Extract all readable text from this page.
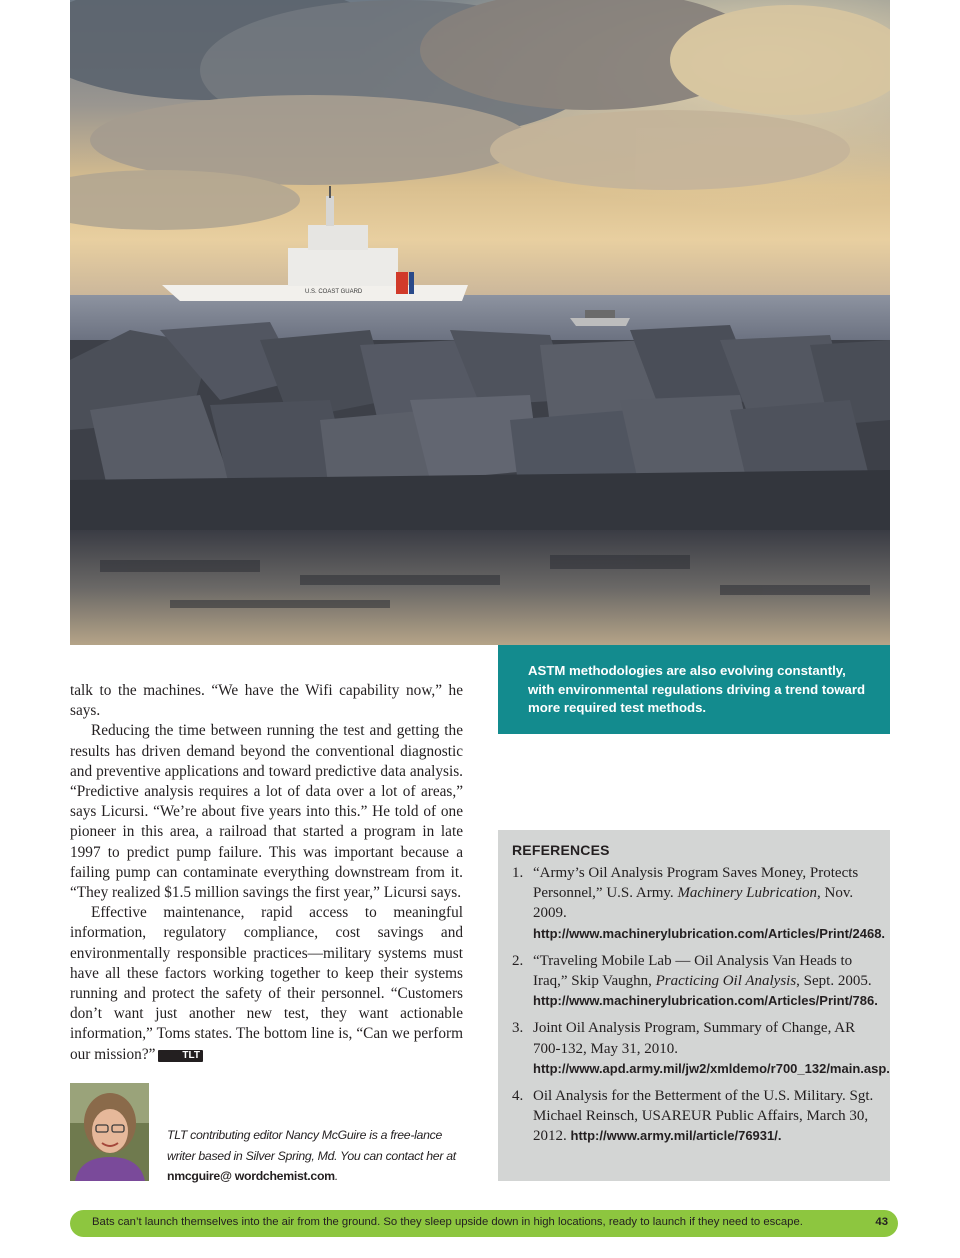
U.S. COAST GUARD

ASTM methodologies are also evolving constantly, with environmental regulations driving a trend toward more required test methods.

talk to the machines. “We have the Wifi capability now,” he says.

Reducing the time between running the test and getting the results has driven demand beyond the conventional diagnostic and preventive applications and toward predictive data analysis. “Predictive analysis requires a lot of data over a lot of areas,” says Licursi. “We’re about five years into this.” He told of one pioneer in this area, a railroad that started a program in late 1997 to predict pump failure. This was important because a failing pump can contaminate everything downstream from it. “They realized $1.5 million savings the first year,” Licursi says.

Effective maintenance, rapid access to meaningful information, regulatory compliance, cost savings and environmentally responsible practices—military systems must have all these factors working together to keep their systems running and protect the safety of their personnel. “Customers don’t want just another new test, they want actionable information,” Toms states. The bottom line is, “Can we perform our mission?”	TLT

TLT contributing editor Nancy McGuire is a free-lance writer based in Silver Spring, Md. You can contact her at nmcguire@ wordchemist.com.

REFERENCES
1. “Army’s Oil Analysis Program Saves Money, Protects Personnel,” U.S. Army. Machinery Lubrication, Nov. 2009. http://www.machinerylubrication.com/Articles/Print/2468.
2. “Traveling Mobile Lab — Oil Analysis Van Heads to Iraq,” Skip Vaughn, Practicing Oil Analysis, Sept. 2005. http://www.machinerylubrication.com/Articles/Print/786.
3. Joint Oil Analysis Program, Summary of Change, AR 700-132, May 31, 2010. http://www.apd.army.mil/jw2/xmldemo/r700_132/main.asp.
4. Oil Analysis for the Betterment of the U.S. Military. Sgt. Michael Reinsch, USAREUR Public Affairs, March 30, 2012. http://www.army.mil/article/76931/.
Bats can’t launch themselves into the air from the ground. So they sleep upside down in high locations, ready to launch if they need to escape.	43
